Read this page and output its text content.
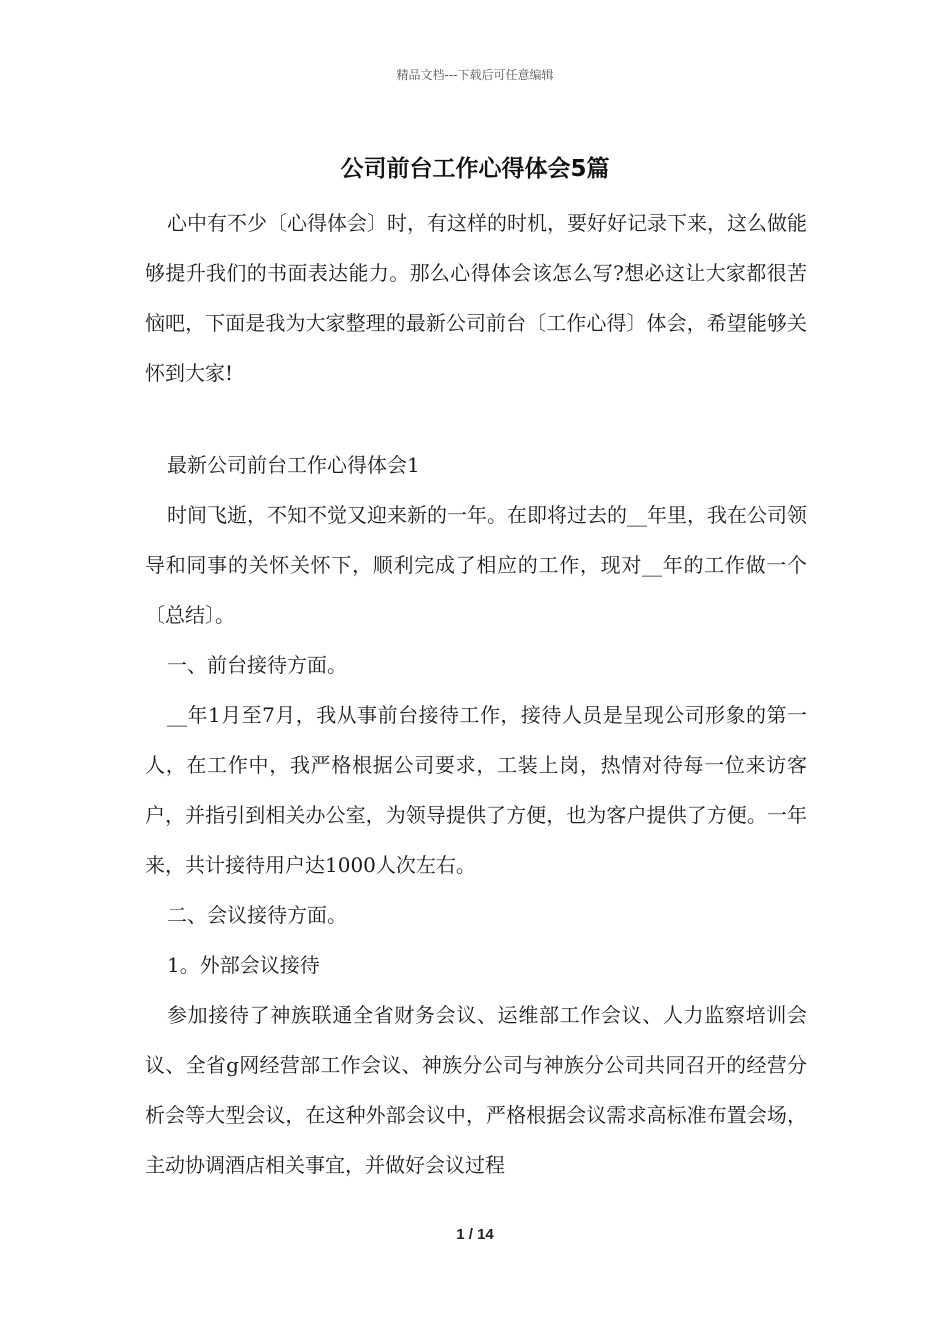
精品文档---下载后可任意编辑
公司前台工作心得体会5篇

心中有不少〔心得体会〕时，有这样的时机，要好好记录下来，这么做能够提升我们的书面表达能力。那么心得体会该怎么写?想必这让大家都很苦恼吧，下面是我为大家整理的最新公司前台〔工作心得〕体会，希望能够关怀到大家!

最新公司前台工作心得体会1

时间飞逝，不知不觉又迎来新的一年。在即将过去的__年里，我在公司领导和同事的关怀关怀下，顺利完成了相应的工作，现对__年的工作做一个〔总结〕。

一、前台接待方面。

__年1月至7月，我从事前台接待工作，接待人员是呈现公司形象的第一人，在工作中，我严格根据公司要求，工装上岗，热情对待每一位来访客户，并指引到相关办公室，为领导提供了方便，也为客户提供了方便。一年来，共计接待用户达1000人次左右。

二、会议接待方面。

1。外部会议接待

参加接待了神族联通全省财务会议、运维部工作会议、人力监察培训会议、全省g网经营部工作会议、神族分公司与神族分公司共同召开的经营分析会等大型会议，在这种外部会议中，严格根据会议需求高标准布置会场，主动协调酒店相关事宜，并做好会议过程

1 / 14
